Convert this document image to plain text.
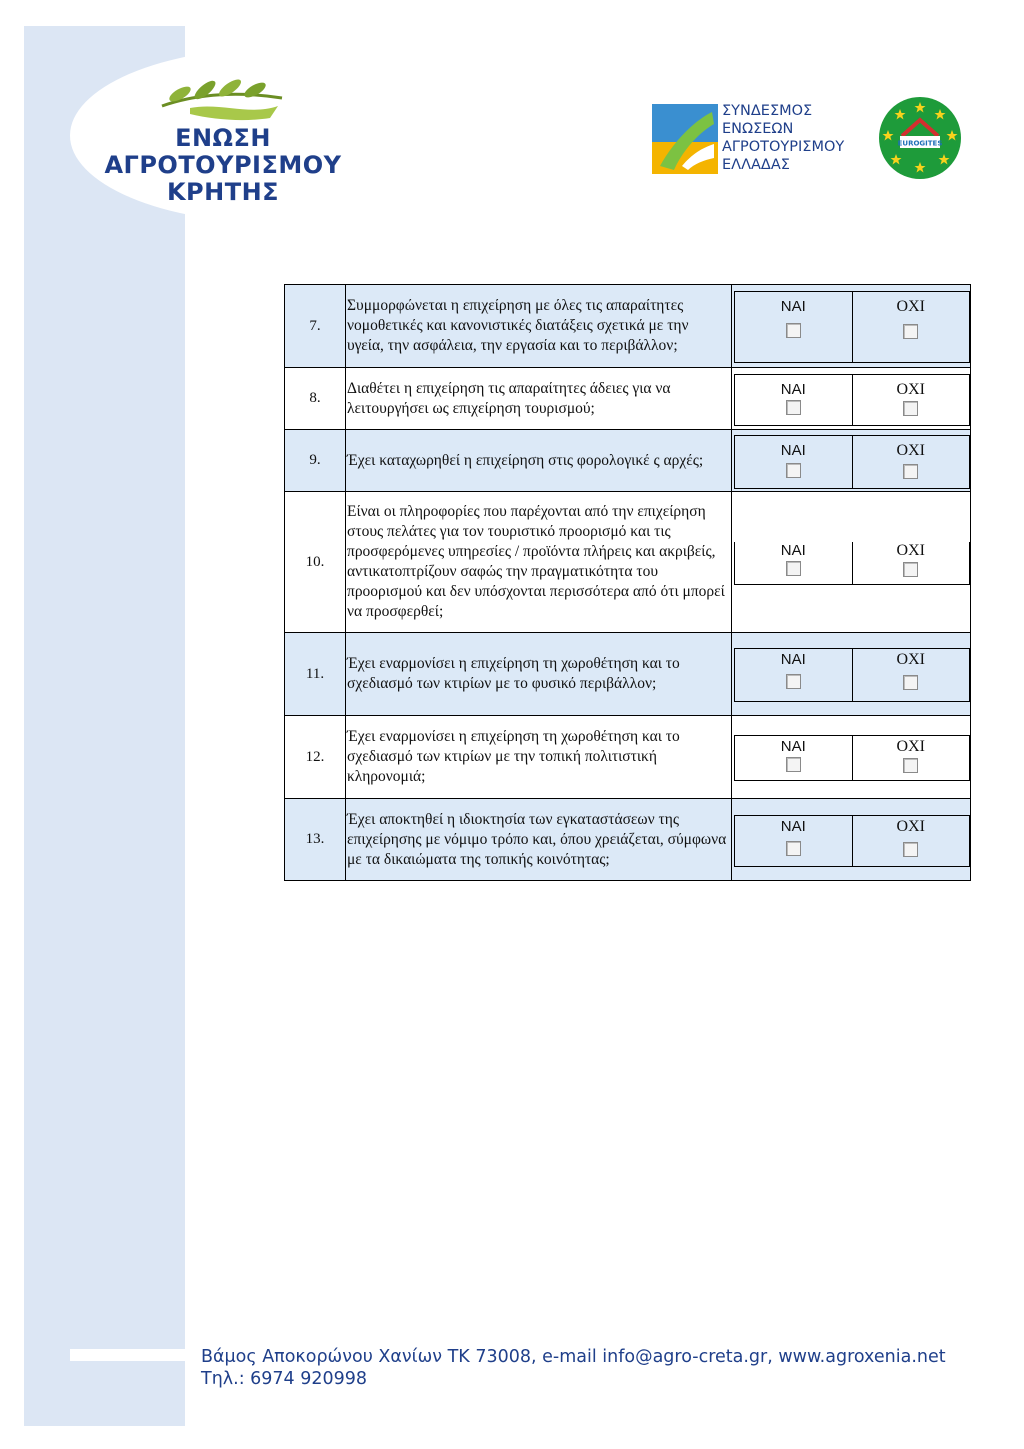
ΕΝΩΣΗ
ΑΓΡΟΤΟΥΡΙΣΜΟΥ
ΚΡΗΤΗΣ
ΣΥΝΔΕΣΜΟΣ
ΕΝΩΣΕΩΝ
ΑΓΡΟΤΟΥΡΙΣΜΟΥ
ΕΛΛΑΔΑΣ
EUROGITES
7.	Συμμορφώνεται η επιχείρηση με όλες τις απαραίτητες νομοθετικές και κανονιστικές διατάξεις σχετικά με την υγεία, την ασφάλεια, την εργασία και το περιβάλλον;	ΝΑΙ ΟΧΙ

8.	Διαθέτει η επιχείρηση τις απαραίτητες άδειες για να λειτουργήσει ως επιχείρηση τουρισμού;	ΝΑΙ ΟΧΙ

9.	Έχει καταχωρηθεί η επιχείρηση στις φορολογικέ ς αρχές;	ΝΑΙ ΟΧΙ

10.	Είναι οι πληροφορίες που παρέχονται από την επιχείρηση στους πελάτες για τον τουριστικό προορισμό και τις προσφερόμενες υπηρεσίες / προϊόντα πλήρεις και ακριβείς, αντικατοπτρίζουν σαφώς την πραγματικότητα του προορισμού και δεν υπόσχονται περισσότερα από ότι μπορεί να προσφερθεί;	ΝΑΙ ΟΧΙ

11.	Έχει εναρμονίσει η επιχείρηση τη χωροθέτηση και το σχεδιασμό των κτιρίων με το φυσικό περιβάλλον;	ΝΑΙ ΟΧΙ

12.	Έχει εναρμονίσει η επιχείρηση τη χωροθέτηση και το σχεδιασμό των κτιρίων με την τοπική πολιτιστική κληρονομιά;	ΝΑΙ ΟΧΙ

13.	Έχει αποκτηθεί η ιδιοκτησία των εγκαταστάσεων της επιχείρησης με νόμιμο τρόπο και, όπου χρειάζεται, σύμφωνα με τα δικαιώματα της τοπικής κοινότητας;	ΝΑΙ ΟΧΙ
Βάμος Αποκορώνου Χανίων ΤΚ 73008, e-mail info@agro-creta.gr, www.agroxenia.net
Τηλ.: 6974 920998
